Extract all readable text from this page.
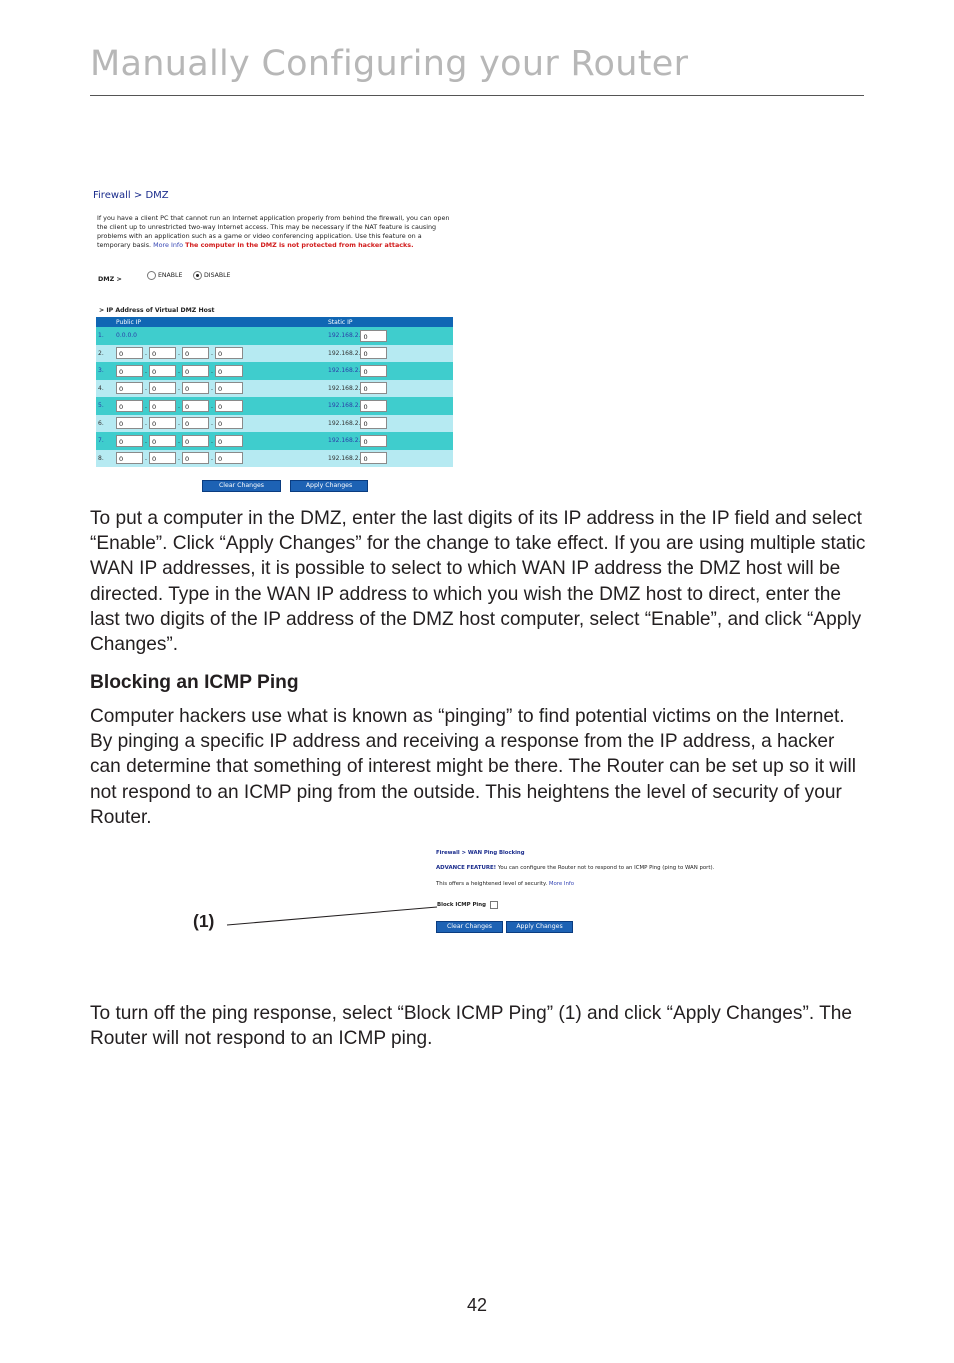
Manually Configuring your Router
Firewall > DMZ
If you have a client PC that cannot run an Internet application properly from behind the firewall, you can open the client up to unrestricted two-way Internet access. This may be necessary if the NAT feature is causing problems with an application such as a game or video conferencing application. Use this feature on a temporary basis. More Info The computer in the DMZ is not protected from hacker attacks.
DMZ >	ENABLE	DISABLE
> IP Address of Virtual DMZ Host
	Public IP	Static IP
1.	0.0.0.0	192.168.2. 0
2.	0 . 0 . 0 . 0	192.168.2. 0
3.	0 . 0 . 0 . 0	192.168.2. 0
4.	0 . 0 . 0 . 0	192.168.2. 0
5.	0 . 0 . 0 . 0	192.168.2. 0
6.	0 . 0 . 0 . 0	192.168.2. 0
7.	0 . 0 . 0 . 0	192.168.2. 0
8.	0 . 0 . 0 . 0	192.168.2. 0
Clear Changes	Apply Changes

To put a computer in the DMZ, enter the last digits of its IP address in the IP field and select “Enable”. Click “Apply Changes” for the change to take effect. If you are using multiple static WAN IP addresses, it is possible to select to which WAN IP address the DMZ host will be directed. Type in the WAN IP address to which you wish the DMZ host to direct, enter the last two digits of the IP address of the DMZ host computer, select “Enable”, and click “Apply Changes”.

Blocking an ICMP Ping

Computer hackers use what is known as “pinging” to find potential victims on the Internet. By pinging a specific IP address and receiving a response from the IP address, a hacker can determine that something of interest might be there. The Router can be set up so it will not respond to an ICMP ping from the outside. This heightens the level of security of your Router.

Firewall > WAN Ping Blocking
ADVANCE FEATURE! You can configure the Router not to respond to an ICMP Ping (ping to WAN port).
This offers a heightened level of security. More Info
Block ICMP Ping
Clear Changes	Apply Changes
(1)

To turn off the ping response, select “Block ICMP Ping” (1) and click “Apply Changes”. The Router will not respond to an ICMP ping.

42
